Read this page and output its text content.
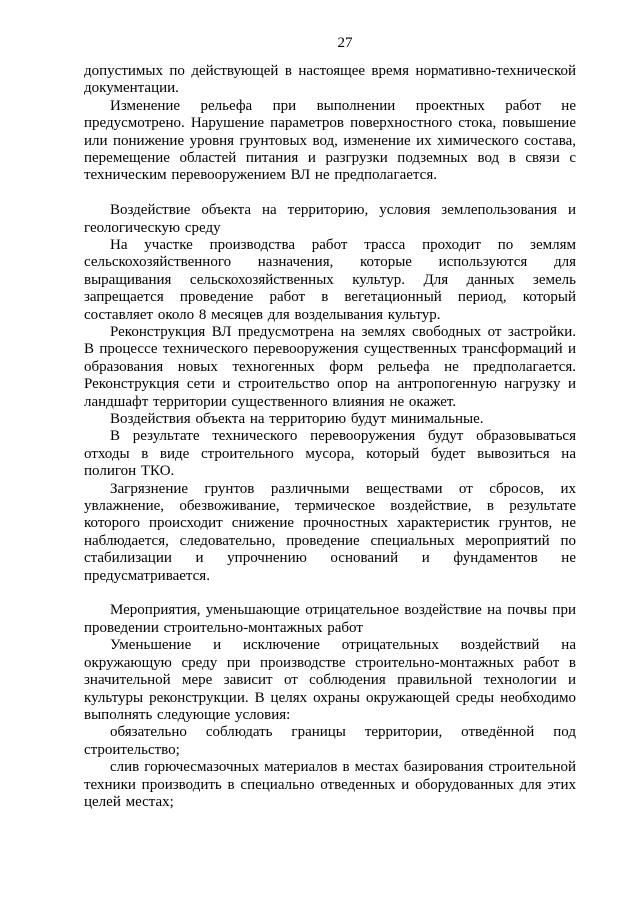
27

допустимых по действующей в настоящее время нормативно-технической документации.

Изменение рельефа при выполнении проектных работ не предусмотрено. Нарушение параметров поверхностного стока, повышение или понижение уровня грунтовых вод, изменение их химического состава, перемещение областей питания и разгрузки подземных вод в связи с техническим перевооружением ВЛ не предполагается.

Воздействие объекта на территорию, условия землепользования и геологическую среду

На участке производства работ трасса проходит по землям сельскохозяйственного назначения, которые используются для выращивания сельскохозяйственных культур. Для данных земель запрещается проведение работ в вегетационный период, который составляет около 8 месяцев для возделывания культур.

Реконструкция ВЛ предусмотрена на землях свободных от застройки. В процессе технического перевооружения существенных трансформаций и образования новых техногенных форм рельефа не предполагается. Реконструкция сети и строительство опор на антропогенную нагрузку и ландшафт территории существенного влияния не окажет.

Воздействия объекта на территорию будут минимальные.

В результате технического перевооружения будут образовываться отходы в виде строительного мусора, который будет вывозиться на полигон ТКО.

Загрязнение грунтов различными веществами от сбросов, их увлажнение, обезвоживание, термическое воздействие, в результате которого происходит снижение прочностных характеристик грунтов, не наблюдается, следовательно, проведение специальных мероприятий по стабилизации и упрочнению оснований и фундаментов не предусматривается.

Мероприятия, уменьшающие отрицательное воздействие на почвы при проведении строительно-монтажных работ

Уменьшение и исключение отрицательных воздействий на окружающую среду при производстве строительно-монтажных работ в значительной мере зависит от соблюдения правильной технологии и культуры реконструкции. В целях охраны окружающей среды необходимо выполнять следующие условия:

обязательно соблюдать границы территории, отведённой под строительство;

слив горючесмазочных материалов в местах базирования строительной техники производить в специально отведенных и оборудованных для этих целей местах;
